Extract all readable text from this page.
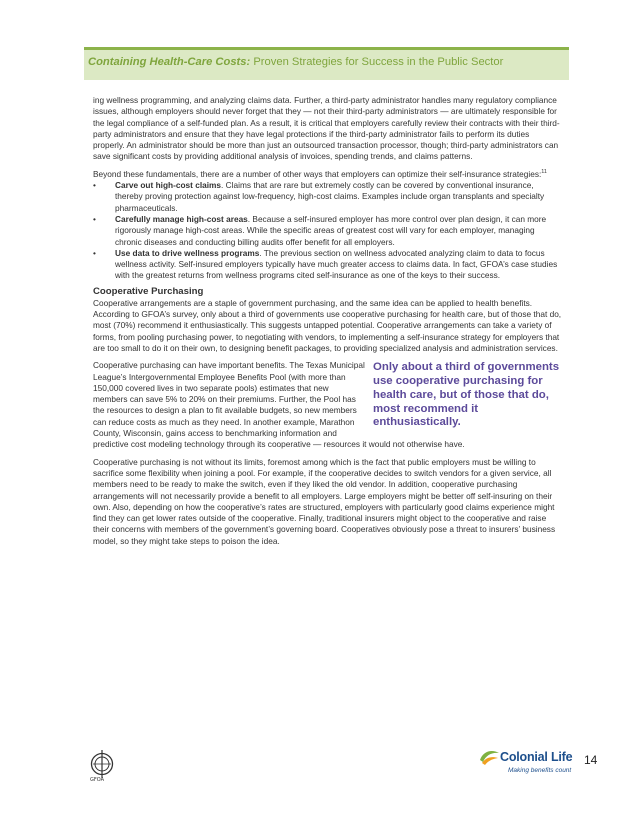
Containing Health-Care Costs: Proven Strategies for Success in the Public Sector

ing wellness programming, and analyzing claims data. Further, a third-party administrator handles many regulatory compliance issues, although employers should never forget that they — not their third-party administrators — are ultimately responsible for the legal compliance of a self-funded plan. As a result, it is critical that employers carefully review their contracts with their third-party administrators and ensure that they have legal protections if the third-party administrator fails to perform its duties properly. An administrator should be more than just an outsourced transaction processor, though; third-party administrators can save significant costs by providing additional analysis of invoices, spending trends, and claims patterns.

Beyond these fundamentals, there are a number of other ways that employers can optimize their self-insurance strategies:$^{11}$

• Carve out high-cost claims. Claims that are rare but extremely costly can be covered by conventional insurance, thereby proving protection against low-frequency, high-cost claims. Examples include organ transplants and specialty pharmaceuticals.
• Carefully manage high-cost areas. Because a self-insured employer has more control over plan design, it can more rigorously manage high-cost areas. While the specific areas of greatest cost will vary for each employer, managing chronic diseases and conducting billing audits offer benefit for all employers.
• Use data to drive wellness programs. The previous section on wellness advocated analyzing claim to data to focus wellness activity. Self-insured employers typically have much greater access to claims data. In fact, GFOA’s case studies with the greatest returns from wellness programs cited self-insurance as one of the keys to their success.
Cooperative Purchasing

Cooperative arrangements are a staple of government purchasing, and the same idea can be applied to health benefits. According to GFOA’s survey, only about a third of governments use cooperative purchasing for health care, but of those that do, most (70%) recommend it enthusiastically. This suggests untapped potential. Cooperative arrangements can take a variety of forms, from pooling purchasing power, to negotiating with vendors, to implementing a self-insurance strategy for employers that are too small to do it on their own, to designing benefit packages, to providing specialized analysis and administration services.

Only about a third of governments use cooperative purchasing for health care, but of those that do, most recommend it enthusiastically.

Cooperative purchasing can have important benefits. The Texas Municipal League’s Intergovernmental Employee Benefits Pool (with more than 150,000 covered lives in two separate pools) estimates that new members can save 5% to 20% on their premiums. Further, the Pool has the resources to design a plan to fit available budgets, so new members can reduce costs as much as they need. In another example, Marathon County, Wisconsin, gains access to benchmarking information and predictive cost modeling technology through its cooperative — resources it would not otherwise have.

Cooperative purchasing is not without its limits, foremost among which is the fact that public employers must be willing to sacrifice some flexibility when joining a pool. For example, if the cooperative decides to switch vendors for a given service, all members need to be ready to make the switch, even if they liked the old vendor. In addition, cooperative purchasing arrangements will not necessarily provide a benefit to all employers. Large employers might be better off self-insuring on their own. Also, depending on how the cooperative’s rates are structured, employers with particularly good claims experience might find they can get lower rates outside of the cooperative. Finally, traditional insurers might object to the cooperative and raise their concerns with members of the government’s governing board. Cooperatives obviously pose a threat to insurers’ business model, so they might take steps to poison the idea.

GFOA
Colonial Life
Making benefits count
14
